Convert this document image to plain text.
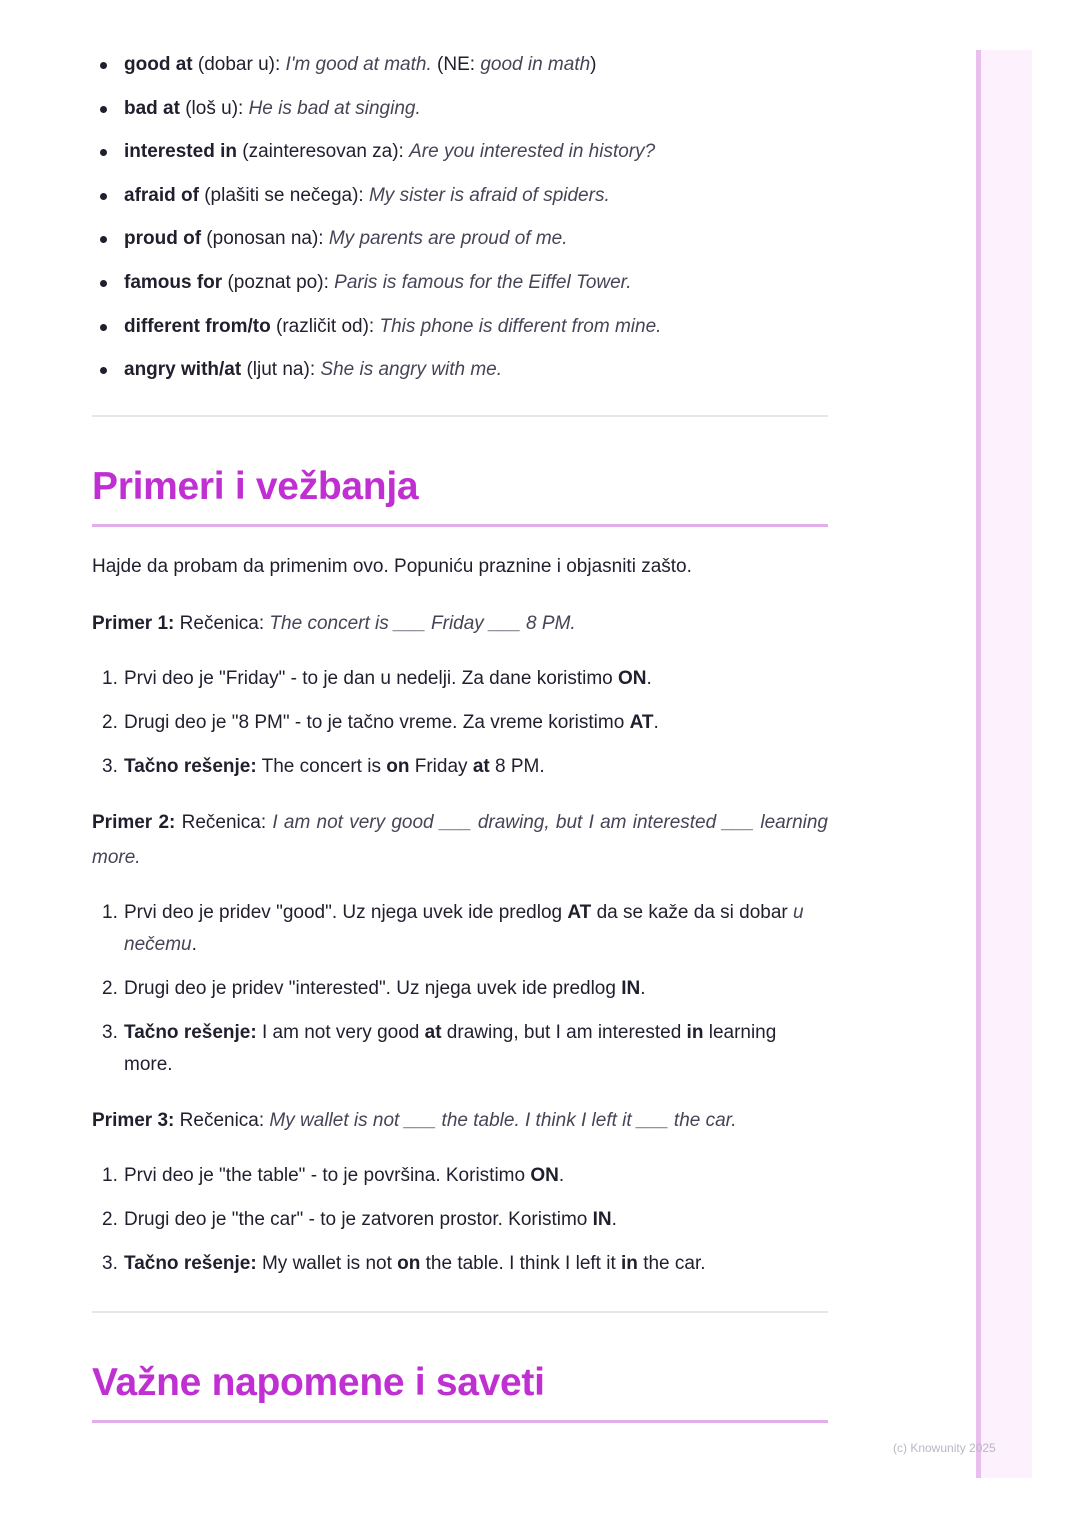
(c) Knowunity 2025
good at (dobar u): I'm good at math. (NE: good in math)
bad at (loš u): He is bad at singing.
interested in (zainteresovan za): Are you interested in history?
afraid of (plašiti se nečega): My sister is afraid of spiders.
proud of (ponosan na): My parents are proud of me.
famous for (poznat po): Paris is famous for the Eiffel Tower.
different from/to (različit od): This phone is different from mine.
angry with/at (ljut na): She is angry with me.
Primeri i vežbanja

Hajde da probam da primenim ovo. Popuniću praznine i objasniti zašto.

Primer 1: Rečenica: The concert is ___ Friday ___ 8 PM.

1. Prvi deo je "Friday" - to je dan u nedelji. Za dane koristimo ON.
2. Drugi deo je "8 PM" - to je tačno vreme. Za vreme koristimo AT.
3. Tačno rešenje: The concert is on Friday at 8 PM.

Primer 2: Rečenica: I am not very good ___ drawing, but I am interested ___ learning more.

1. Prvi deo je pridev "good". Uz njega uvek ide predlog AT da se kaže da si dobar u nečemu.
2. Drugi deo je pridev "interested". Uz njega uvek ide predlog IN.
3. Tačno rešenje: I am not very good at drawing, but I am interested in learning more.

Primer 3: Rečenica: My wallet is not ___ the table. I think I left it ___ the car.

1. Prvi deo je "the table" - to je površina. Koristimo ON.
2. Drugi deo je "the car" - to je zatvoren prostor. Koristimo IN.
3. Tačno rešenje: My wallet is not on the table. I think I left it in the car.
Važne napomene i saveti
